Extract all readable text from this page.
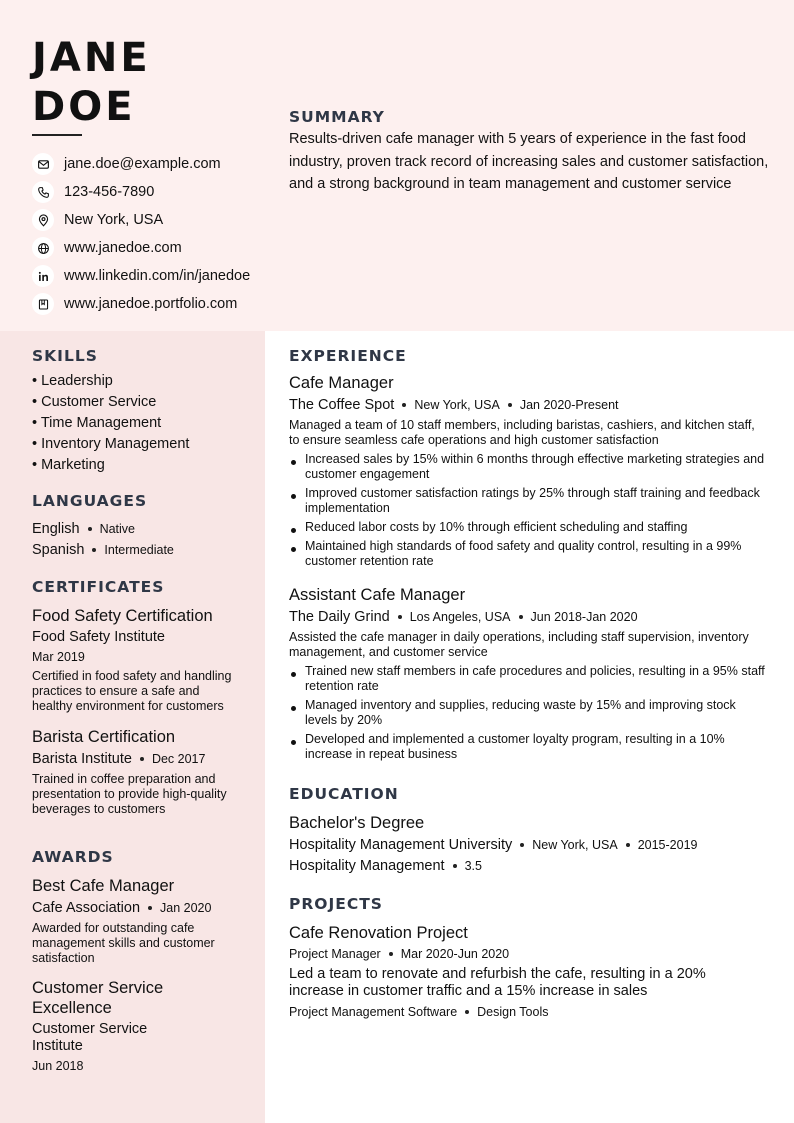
JANE
DOE
jane.doe@example.com
123-456-7890
New York, USA
www.janedoe.com
www.linkedin.com/in/janedoe
www.janedoe.portfolio.com
SUMMARY

Results-driven cafe manager with 5 years of experience in the fast food industry, proven track record of increasing sales and customer satisfaction, and a strong background in team management and customer service

SKILLS
• Leadership
• Customer Service
• Time Management
• Inventory Management
• Marketing
LANGUAGES
English Native
Spanish Intermediate
CERTIFICATES
Food Safety Certification
Food Safety Institute
Mar 2019
Certified in food safety and handling practices to ensure a safe and healthy environment for customers
Barista Certification
Barista Institute Dec 2017
Trained in coffee preparation and presentation to provide high-quality beverages to customers
AWARDS
Best Cafe Manager
Cafe Association Jan 2020
Awarded for outstanding cafe management skills and customer satisfaction
Customer Service Excellence
Customer Service Institute
Jun 2018
EXPERIENCE
Cafe Manager
The Coffee Spot New York, USA Jan 2020-Present
Managed a team of 10 staff members, including baristas, cashiers, and kitchen staff, to ensure seamless cafe operations and high customer satisfaction
Increased sales by 15% within 6 months through effective marketing strategies and customer engagement
Improved customer satisfaction ratings by 25% through staff training and feedback implementation
Reduced labor costs by 10% through efficient scheduling and staffing
Maintained high standards of food safety and quality control, resulting in a 99% customer retention rate
Assistant Cafe Manager
The Daily Grind Los Angeles, USA Jun 2018-Jan 2020
Assisted the cafe manager in daily operations, including staff supervision, inventory management, and customer service
Trained new staff members in cafe procedures and policies, resulting in a 95% staff retention rate
Managed inventory and supplies, reducing waste by 15% and improving stock levels by 20%
Developed and implemented a customer loyalty program, resulting in a 10% increase in repeat business
EDUCATION
Bachelor's Degree
Hospitality Management University New York, USA 2015-2019
Hospitality Management 3.5
PROJECTS
Cafe Renovation Project
Project Manager Mar 2020-Jun 2020
Led a team to renovate and refurbish the cafe, resulting in a 20% increase in customer traffic and a 15% increase in sales
Project Management Software Design Tools
